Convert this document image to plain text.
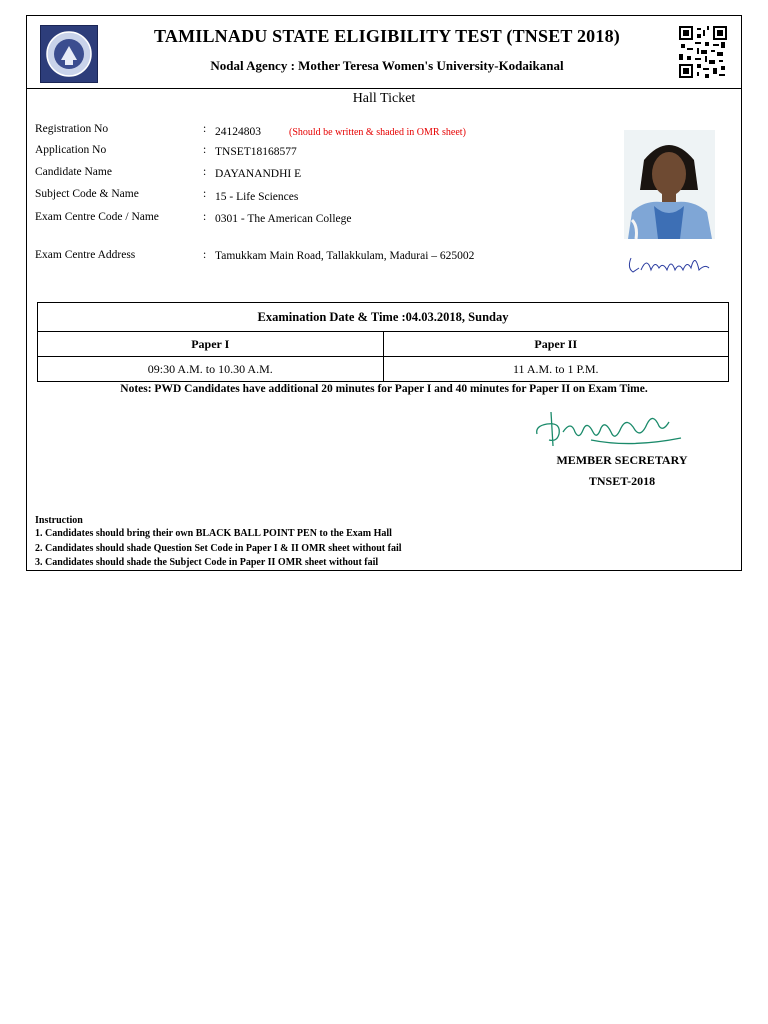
TAMILNADU STATE ELIGIBILITY TEST (TNSET 2018)
Nodal Agency : Mother Teresa Women's University-Kodaikanal
Hall Ticket
Registration No	: 24124803	(Should be written & shaded in OMR sheet)
Application No	: TNSET18168577
Candidate Name	: DAYANANDHI E
Subject Code & Name	: 15 - Life Sciences
Exam Centre Code / Name	: 0301 - The American College
Exam Centre Address	: Tamukkam Main Road, Tallakkulam, Madurai – 625002
E. Dayanandhi
Examination Date & Time :04.03.2018, Sunday	
Paper I	Paper II
09:30 A.M. to 10.30 A.M.	11 A.M. to 1 P.M.
Notes: PWD Candidates have additional 20 minutes for Paper I and 40 minutes for Paper II on Exam Time.
MEMBER SECRETARY
TNSET-2018
Instruction
1. Candidates should bring their own BLACK BALL POINT PEN to the Exam Hall
2. Candidates should shade Question Set Code in Paper I & II OMR sheet without fail
3. Candidates should shade the Subject Code in Paper II OMR sheet without fail
